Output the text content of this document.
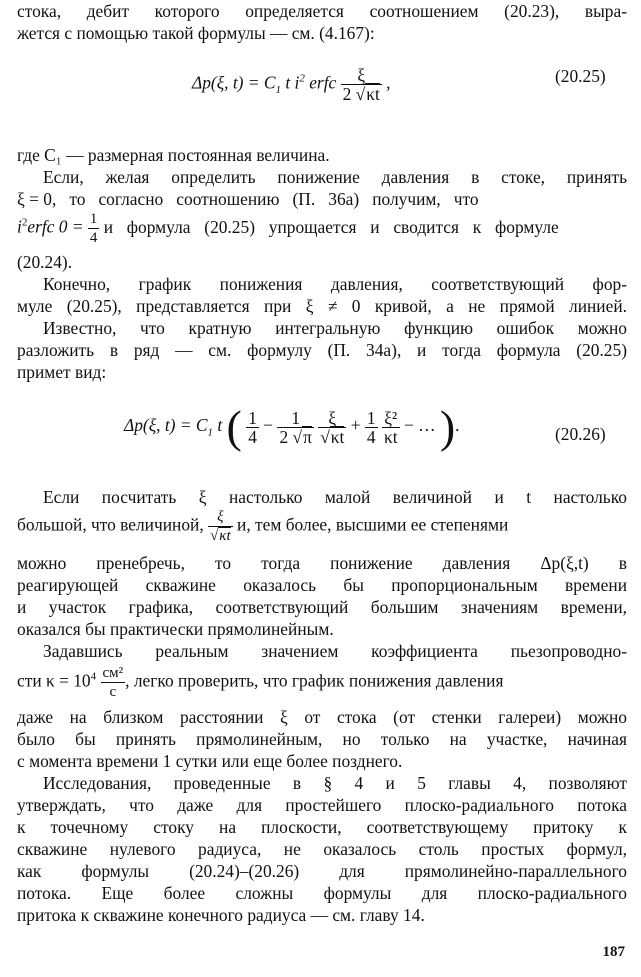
стока, дебит которого определяется соотношением (20.23), выра-
жется с помощью такой формулы — см. (4.167):
Δp(ξ, $t) = C_1$ t $i^2$ erfc $\frac{\xi}{2 √\kappa t}$ ,	(20.25)
где C₁ — размерная постоянная величина.
Если, желая определить понижение давления в стоке, принять
ξ = 0,   то   согласно   соотношению   (П.   36а)   получим,   что
$i^2erfc$ $0 = \frac{1}{4}$ и формула (20.25) упрощается и сводится к формуле
(20.24).
Конечно, график понижения давления, соответствующий фор-
муле (20.25), представляется при ξ ≠ 0 кривой, а не прямой линией.
Известно, что кратную интегральную функцию ошибок можно
разложить в ряд — см. формулу (П. 34а), и тогда формула (20.25)
примет вид:
Δp(ξ, $t) = C_1$ t ( $\frac{1}{4} - \frac{1}{2 √\pi}$
$\frac{\xi}{√\kappa t} + \frac{1}{4}$
$\frac{\text{ξ²}}{\kappa t}$ − … ).	(20.26)
Если посчитать ξ настолько малой величиной и t настолько
большой, что величиной, $\frac{\xi}{√\kappa t} и$, тем более, высшими ее степенями
можно пренебречь, то тогда понижение давления Δp(ξ,t) в
реагирующей скважине оказалось бы пропорциональным времени
и участок графика, соответствующий большим значениям времени,
оказался бы практически прямолинейным.
Задавшись реальным значением коэффициента пьезопроводно-
сти $\kappa = 10^4 \frac{\text{см²}}{с}$ , легко проверить, что график понижения давления
даже на близком расстоянии ξ от стока (от стенки галереи) можно
было бы принять прямолинейным, но только на участке, начиная
с момента времени 1 сутки или еще более позднего.
Исследования, проведенные в § 4 и 5 главы 4, позволяют
утверждать, что даже для простейшего плоско-радиального потока
к точечному стоку на плоскости, соответствующему притоку к
скважине нулевого радиуса, не оказалось столь простых формул,
как формулы (20.24)–(20.26) для прямолинейно-параллельного
потока. Еще более сложны формулы для плоско-радиального
притока к скважине конечного радиуса — см. главу 14.
187
